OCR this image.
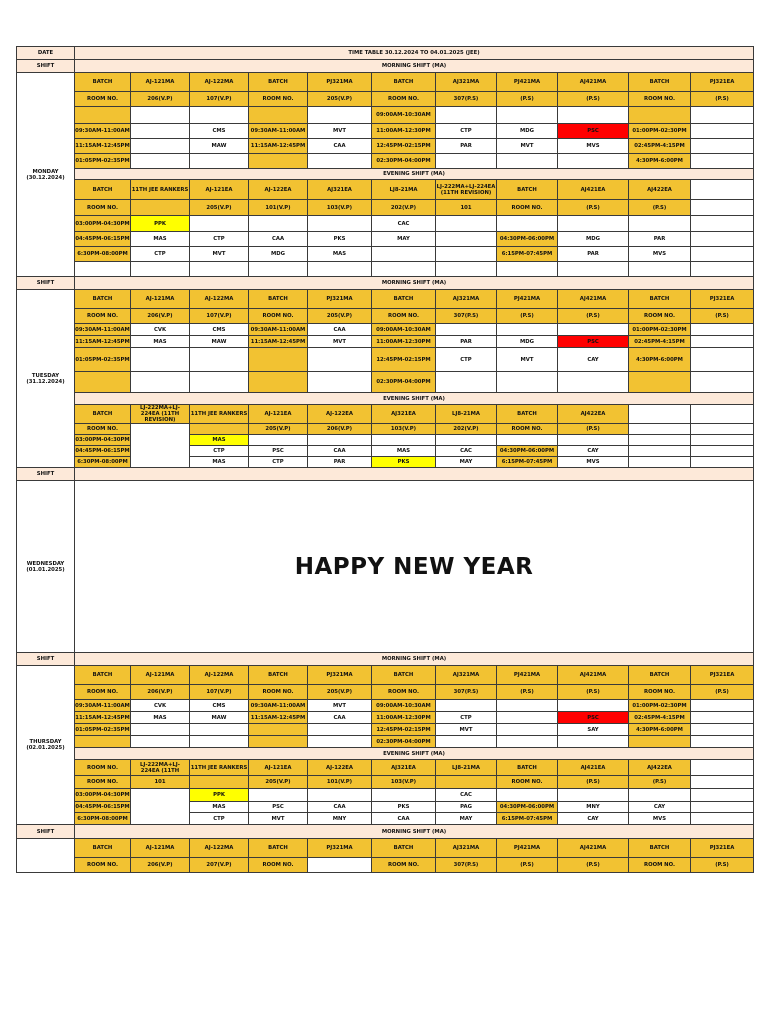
DATE	TIME TABLE 30.12.2024 TO 04.01.2025 (JEE)										
SHIFT	MORNING SHIFT (MA)										
MONDAY
(30.12.2024)	BATCH	AJ-121MA	AJ-122MA	BATCH	PJ321MA	BATCH	AJ321MA	PJ421MA	AJ421MA	BATCH	PJ321EA
	ROOM NO.	206(V.P)	107(V.P)	ROOM NO.	205(V.P)	ROOM NO.	307(P.S)	(P.S)	(P.S)	ROOM NO.	(P.S)
						09:00AM-10:30AM					
	09:30AM-11:00AM		CMS	09:30AM-11:00AM	MVT	11:00AM-12:30PM	CTP	MDG	PSC	01:00PM-02:30PM	
	11:15AM-12:45PM		MAW	11:15AM-12:45PM	CAA	12:45PM-02:15PM	PAR	MVT	MVS	02:45PM-4:15PM	
	01:05PM-02:35PM					02:30PM-04:00PM				4:30PM-6:00PM	
	EVENING SHIFT (MA)										
	BATCH	11TH JEE RANKERS	AJ-121EA	AJ-122EA	AJ321EA	LJ8-21MA	LJ-222MA+LJ-224EA (11TH REVISION)	BATCH	AJ421EA	AJ422EA	
	ROOM NO.		205(V.P)	101(V.P)	103(V.P)	202(V.P)	101	ROOM NO.	(P.S)	(P.S)	
	03:00PM-04:30PM	PPK				CAC					
	04:45PM-06:15PM	MAS	CTP	CAA	PKS	MAY		04:30PM-06:00PM	MDG	PAR	
	6:30PM-08:00PM	CTP	MVT	MDG	MAS			6:15PM-07:45PM	PAR	MVS	

SHIFT	MORNING SHIFT (MA)										
TUESDAY
(31.12.2024)	BATCH	AJ-121MA	AJ-122MA	BATCH	PJ321MA	BATCH	AJ321MA	PJ421MA	AJ421MA	BATCH	PJ321EA
	ROOM NO.	206(V.P)	107(V.P)	ROOM NO.	205(V.P)	ROOM NO.	307(P.S)	(P.S)	(P.S)	ROOM NO.	(P.S)
	09:30AM-11:00AM	CVK	CMS	09:30AM-11:00AM	CAA	09:00AM-10:30AM				01:00PM-02:30PM	
	11:15AM-12:45PM	MAS	MAW	11:15AM-12:45PM	MVT	11:00AM-12:30PM	PAR	MDG	PSC	02:45PM-4:15PM	
	01:05PM-02:35PM					12:45PM-02:15PM	CTP	MVT	CAY	4:30PM-6:00PM	

						02:30PM-04:00PM					
	EVENING SHIFT (MA)										
	BATCH	LJ-222MA+LJ-224EA (11TH REVISION)	11TH JEE RANKERS	AJ-121EA	AJ-122EA	AJ321EA	LJ8-21MA	BATCH	AJ422EA		
	ROOM NO.			205(V.P)	206(V.P)	103(V.P)	202(V.P)	ROOM NO.	(P.S)		
	03:00PM-04:30PM		MAS								
	04:45PM-06:15PM		CTP	PSC	CAA	MAS	CAC	04:30PM-06:00PM	CAY		
	6:30PM-08:00PM		MAS	CTP	PAR	PKS	MAY	6:15PM-07:45PM	MVS		
SHIFT											
WEDNESDAY
(01.01.2025)	HAPPY NEW YEAR										
SHIFT	MORNING SHIFT (MA)										
THURSDAY
(02.01.2025)	BATCH	AJ-121MA	AJ-122MA	BATCH	PJ321MA	BATCH	AJ321MA	PJ421MA	AJ421MA	BATCH	PJ321EA
	ROOM NO.	206(V.P)	107(V.P)	ROOM NO.	205(V.P)	ROOM NO.	307(P.S)	(P.S)	(P.S)	ROOM NO.	(P.S)
	09:30AM-11:00AM	CVK	CMS	09:30AM-11:00AM	MVT	09:00AM-10:30AM				01:00PM-02:30PM	
	11:15AM-12:45PM	MAS	MAW	11:15AM-12:45PM	CAA	11:00AM-12:30PM	CTP		PSC	02:45PM-4:15PM	
	01:05PM-02:35PM					12:45PM-02:15PM	MVT		SAY	4:30PM-6:00PM	
						02:30PM-04:00PM					
	EVENING SHIFT (MA)										
	ROOM NO.	LJ-222MA+LJ-224EA (11TH	11TH JEE RANKERS	AJ-121EA	AJ-122EA	AJ321EA	LJ8-21MA	BATCH	AJ421EA	AJ422EA	
	ROOM NO.	101		205(V.P)	101(V.P)	103(V.P)		ROOM NO.	(P.S)	(P.S)	
	03:00PM-04:30PM		PPK				CAC				
	04:45PM-06:15PM		MAS	PSC	CAA	PKS	PAG	04:30PM-06:00PM	MNY	CAY	
	6:30PM-08:00PM		CTP	MVT	MNY	CAA	MAY	6:15PM-07:45PM	CAY	MVS	
SHIFT	MORNING SHIFT (MA)										
	BATCH	AJ-121MA	AJ-122MA	BATCH	PJ321MA	BATCH	AJ321MA	PJ421MA	AJ421MA	BATCH	PJ321EA
	ROOM NO.	206(V.P)	207(V.P)	ROOM NO.		ROOM NO.	307(P.S)	(P.S)	(P.S)	ROOM NO.	(P.S)
